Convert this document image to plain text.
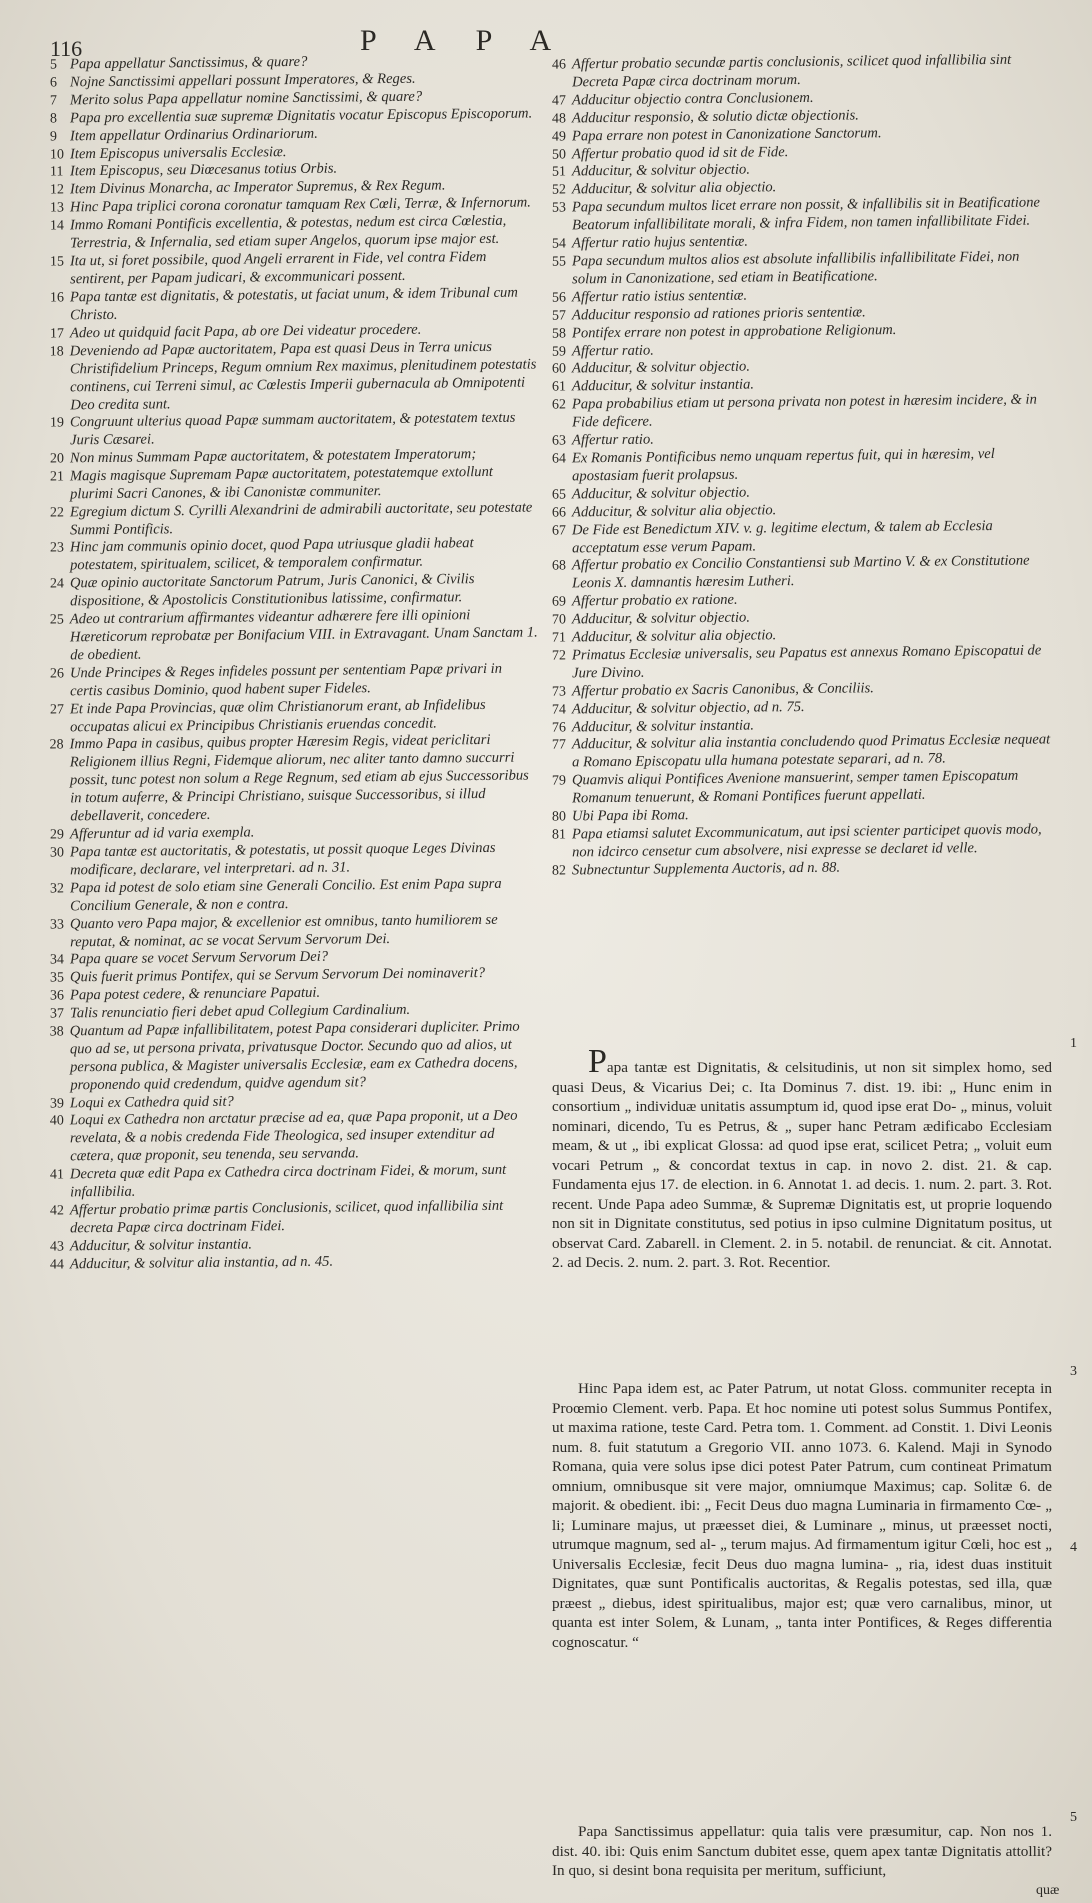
116	PAPA
5 Papa appellatur Sanctissimus, & quare?
6 Nojne Sanctissimi appellari possunt Imperatores, & Reges.
7 Merito solus Papa appellatur nomine Sanctissimi, & quare?
8 Papa pro excellentia suæ supremæ Dignitatis vocatur Episcopus Episcoporum.
9 Item appellatur Ordinarius Ordinariorum.
10 Item Episcopus universalis Ecclesiæ.
11 Item Episcopus, seu Diœcesanus totius Orbis.
12 Item Divinus Monarcha, ac Imperator Supremus, & Rex Regum.
13 Hinc Papa triplici corona coronatur tamquam Rex Cœli, Terræ, & Infernorum.
14 Immo Romani Pontificis excellentia, & potestas, nedum est circa Cœlestia, Terrestria, & Infernalia, sed etiam super Angelos, quorum ipse major est.
15 Ita ut, si foret possibile, quod Angeli errarent in Fide, vel contra Fidem sentirent, per Papam judicari, & excommunicari possent.
16 Papa tantæ est dignitatis, & potestatis, ut faciat unum, & idem Tribunal cum Christo.
17 Adeo ut quidquid facit Papa, ab ore Dei videatur procedere.
18 Deveniendo ad Papæ auctoritatem, Papa est quasi Deus in Terra unicus Christifidelium Princeps, Regum omnium Rex maximus, plenitudinem potestatis continens, cui Terreni simul, ac Cœlestis Imperii gubernacula ab Omnipotenti Deo credita sunt.
19 Congruunt ulterius quoad Papæ summam auctoritatem, & potestatem textus Juris Cæsarei.
20 Non minus Summam Papæ auctoritatem, & potestatem Imperatorum;
21 Magis magisque Supremam Papæ auctoritatem, potestatemque extollunt plurimi Sacri Canones, & ibi Canonistæ communiter.
22 Egregium dictum S. Cyrilli Alexandrini de admirabili auctoritate, seu potestate Summi Pontificis.
23 Hinc jam communis opinio docet, quod Papa utriusque gladii habeat potestatem, spiritualem, scilicet, & temporalem confirmatur.
24 Quæ opinio auctoritate Sanctorum Patrum, Juris Canonici, & Civilis dispositione, & Apostolicis Constitutionibus latissime, confirmatur.
25 Adeo ut contrarium affirmantes videantur adhærere fere illi opinioni Hæreticorum reprobatæ per Bonifacium VIII. in Extravagant. Unam Sanctam 1. de obedient.
26 Unde Principes & Reges infideles possunt per sententiam Papæ privari in certis casibus Dominio, quod habent super Fideles.
27 Et inde Papa Provincias, quæ olim Christianorum erant, ab Infidelibus occupatas alicui ex Principibus Christianis eruendas concedit.
28 Immo Papa in casibus, quibus propter Hæresim Regis, videat periclitari Religionem illius Regni, Fidemque aliorum, nec aliter tanto damno succurri possit, tunc potest non solum a Rege Regnum, sed etiam ab ejus Successoribus in totum auferre, & Principi Christiano, suisque Successoribus, si illud debellaverit, concedere.
29 Afferuntur ad id varia exempla.
30 Papa tantæ est auctoritatis, & potestatis, ut possit quoque Leges Divinas modificare, declarare, vel interpretari. ad n. 31.
32 Papa id potest de solo etiam sine Generali Concilio. Est enim Papa supra Concilium Generale, & non e contra.
33 Quanto vero Papa major, & excellenior est omnibus, tanto humiliorem se reputat, & nominat, ac se vocat Servum Servorum Dei.
34 Papa quare se vocet Servum Servorum Dei?
35 Quis fuerit primus Pontifex, qui se Servum Servorum Dei nominaverit?
36 Papa potest cedere, & renunciare Papatui.
37 Talis renunciatio fieri debet apud Collegium Cardinalium.
38 Quantum ad Papæ infallibilitatem, potest Papa considerari dupliciter. Primo quo ad se, ut persona privata, privatusque Doctor. Secundo quo ad alios, ut persona publica, & Magister universalis Ecclesiæ, eam ex Cathedra docens, proponendo quid credendum, quidve agendum sit?
39 Loqui ex Cathedra quid sit?
40 Loqui ex Cathedra non arctatur præcise ad ea, quæ Papa proponit, ut a Deo revelata, & a nobis credenda Fide Theologica, sed insuper extenditur ad cætera, quæ proponit, seu tenenda, seu servanda.
41 Decreta quæ edit Papa ex Cathedra circa doctrinam Fidei, & morum, sunt infallibilia.
42 Affertur probatio primæ partis Conclusionis, scilicet, quod infallibilia sint decreta Papæ circa doctrinam Fidei.
43 Adducitur, & solvitur instantia.
44 Adducitur, & solvitur alia instantia, ad n. 45.
46 Affertur probatio secundæ partis conclusionis, scilicet quod infallibilia sint Decreta Papæ circa doctrinam morum.
47 Adducitur objectio contra Conclusionem.
48 Adducitur responsio, & solutio dictæ objectionis.
49 Papa errare non potest in Canonizatione Sanctorum.
50 Affertur probatio quod id sit de Fide.
51 Adducitur, & solvitur objectio.
52 Adducitur, & solvitur alia objectio.
53 Papa secundum multos licet errare non possit, & infallibilis sit in Beatificatione Beatorum infallibilitate morali, & infra Fidem, non tamen infallibilitate Fidei.
54 Affertur ratio hujus sententiæ.
55 Papa secundum multos alios est absolute infallibilis infallibilitate Fidei, non solum in Canonizatione, sed etiam in Beatificatione.
56 Affertur ratio istius sententiæ.
57 Adducitur responsio ad rationes prioris sententiæ.
58 Pontifex errare non potest in approbatione Religionum.
59 Affertur ratio.
60 Adducitur, & solvitur objectio.
61 Adducitur, & solvitur instantia.
62 Papa probabilius etiam ut persona privata non potest in hæresim incidere, & in Fide deficere.
63 Affertur ratio.
64 Ex Romanis Pontificibus nemo unquam repertus fuit, qui in hæresim, vel apostasiam fuerit prolapsus.
65 Adducitur, & solvitur objectio.
66 Adducitur, & solvitur alia objectio.
67 De Fide est Benedictum XIV. v. g. legitime electum, & talem ab Ecclesia acceptatum esse verum Papam.
68 Affertur probatio ex Concilio Constantiensi sub Martino V. & ex Constitutione Leonis X. damnantis hæresim Lutheri.
69 Affertur probatio ex ratione.
70 Adducitur, & solvitur objectio.
71 Adducitur, & solvitur alia objectio.
72 Primatus Ecclesiæ universalis, seu Papatus est annexus Romano Episcopatui de Jure Divino.
73 Affertur probatio ex Sacris Canonibus, & Conciliis.
74 Adducitur, & solvitur objectio, ad n. 75.
76 Adducitur, & solvitur instantia.
77 Adducitur, & solvitur alia instantia concludendo quod Primatus Ecclesiæ nequeat a Romano Episcopatu ulla humana potestate separari, ad n. 78.
79 Quamvis aliqui Pontifices Avenione mansuerint, semper tamen Episcopatum Romanum tenuerunt, & Romani Pontifices fuerunt appellati.
80 Ubi Papa ibi Roma.
81 Papa etiamsi salutet Excommunicatum, aut ipsi scienter participet quovis modo, non idcirco censetur cum absolvere, nisi expresse se declaret id velle.
82 Subnectuntur Supplementa Auctoris, ad n. 88.

Papa tantæ est Dignitatis, & celsitudinis, ut non sit simplex homo, sed quasi Deus, & Vicarius Dei; c. Ita Dominus 7. dist. 19. ibi: „ Hunc enim in consortium „ individuæ unitatis assumptum id, quod ipse erat Do- „ minus, voluit nominari, dicendo, Tu es Petrus, & „ super hanc Petram ædificabo Ecclesiam meam, & ut „ ibi explicat Glossa: ad quod ipse erat, scilicet Petra; „ voluit eum vocari Petrum „ & concordat textus in cap. in novo 2. dist. 21. & cap. Fundamenta ejus 17. de election. in 6. Annotat 1. ad decis. 1. num. 2. part. 3. Rot. recent. Unde Papa adeo Summæ, & Supremæ Dignitatis est, ut proprie loquendo non sit in Dignitate constitutus, sed potius in ipso culmine Dignitatum positus, ut observat Card. Zabarell. in Clement. 2. in 5. notabil. de renunciat. & cit. Annotat. 2. ad Decis. 2. num. 2. part. 3. Rot. Recentior.

Hinc Papa idem est, ac Pater Patrum, ut notat Gloss. communiter recepta in Proœmio Clement. verb. Papa. Et hoc nomine uti potest solus Summus Pontifex, ut maxima ratione, teste Card. Petra tom. 1. Comment. ad Constit. 1. Divi Leonis num. 8. fuit statutum a Gregorio VII. anno 1073. 6. Kalend. Maji in Synodo Romana, quia vere solus ipse dici potest Pater Patrum, cum contineat Primatum omnium, omnibusque sit vere major, omniumque Maximus; cap. Solitæ 6. de majorit. & obedient. ibi: „ Fecit Deus duo magna Luminaria in firmamento Cœ- „ li; Luminare majus, ut præesset diei, & Luminare „ minus, ut præesset nocti, utrumque magnum, sed al- „ terum majus. Ad firmamentum igitur Cœli, hoc est „ Universalis Ecclesiæ, fecit Deus duo magna lumina- „ ria, idest duas instituit Dignitates, quæ sunt Pontificalis auctoritas, & Regalis potestas, sed illa, quæ præest „ diebus, idest spiritualibus, major est; quæ vero carnalibus, minor, ut quanta est inter Solem, & Lunam, „ tanta inter Pontifices, & Reges differentia cognoscatur. “

Papa Sanctissimus appellatur: quia talis vere præsumitur, cap. Non nos 1. dist. 40. ibi: Quis enim Sanctum dubitet esse, quem apex tantæ Dignitatis attollit? In quo, si desint bona requisita per meritum, sufficiunt,

1
3
4
5
quæ
